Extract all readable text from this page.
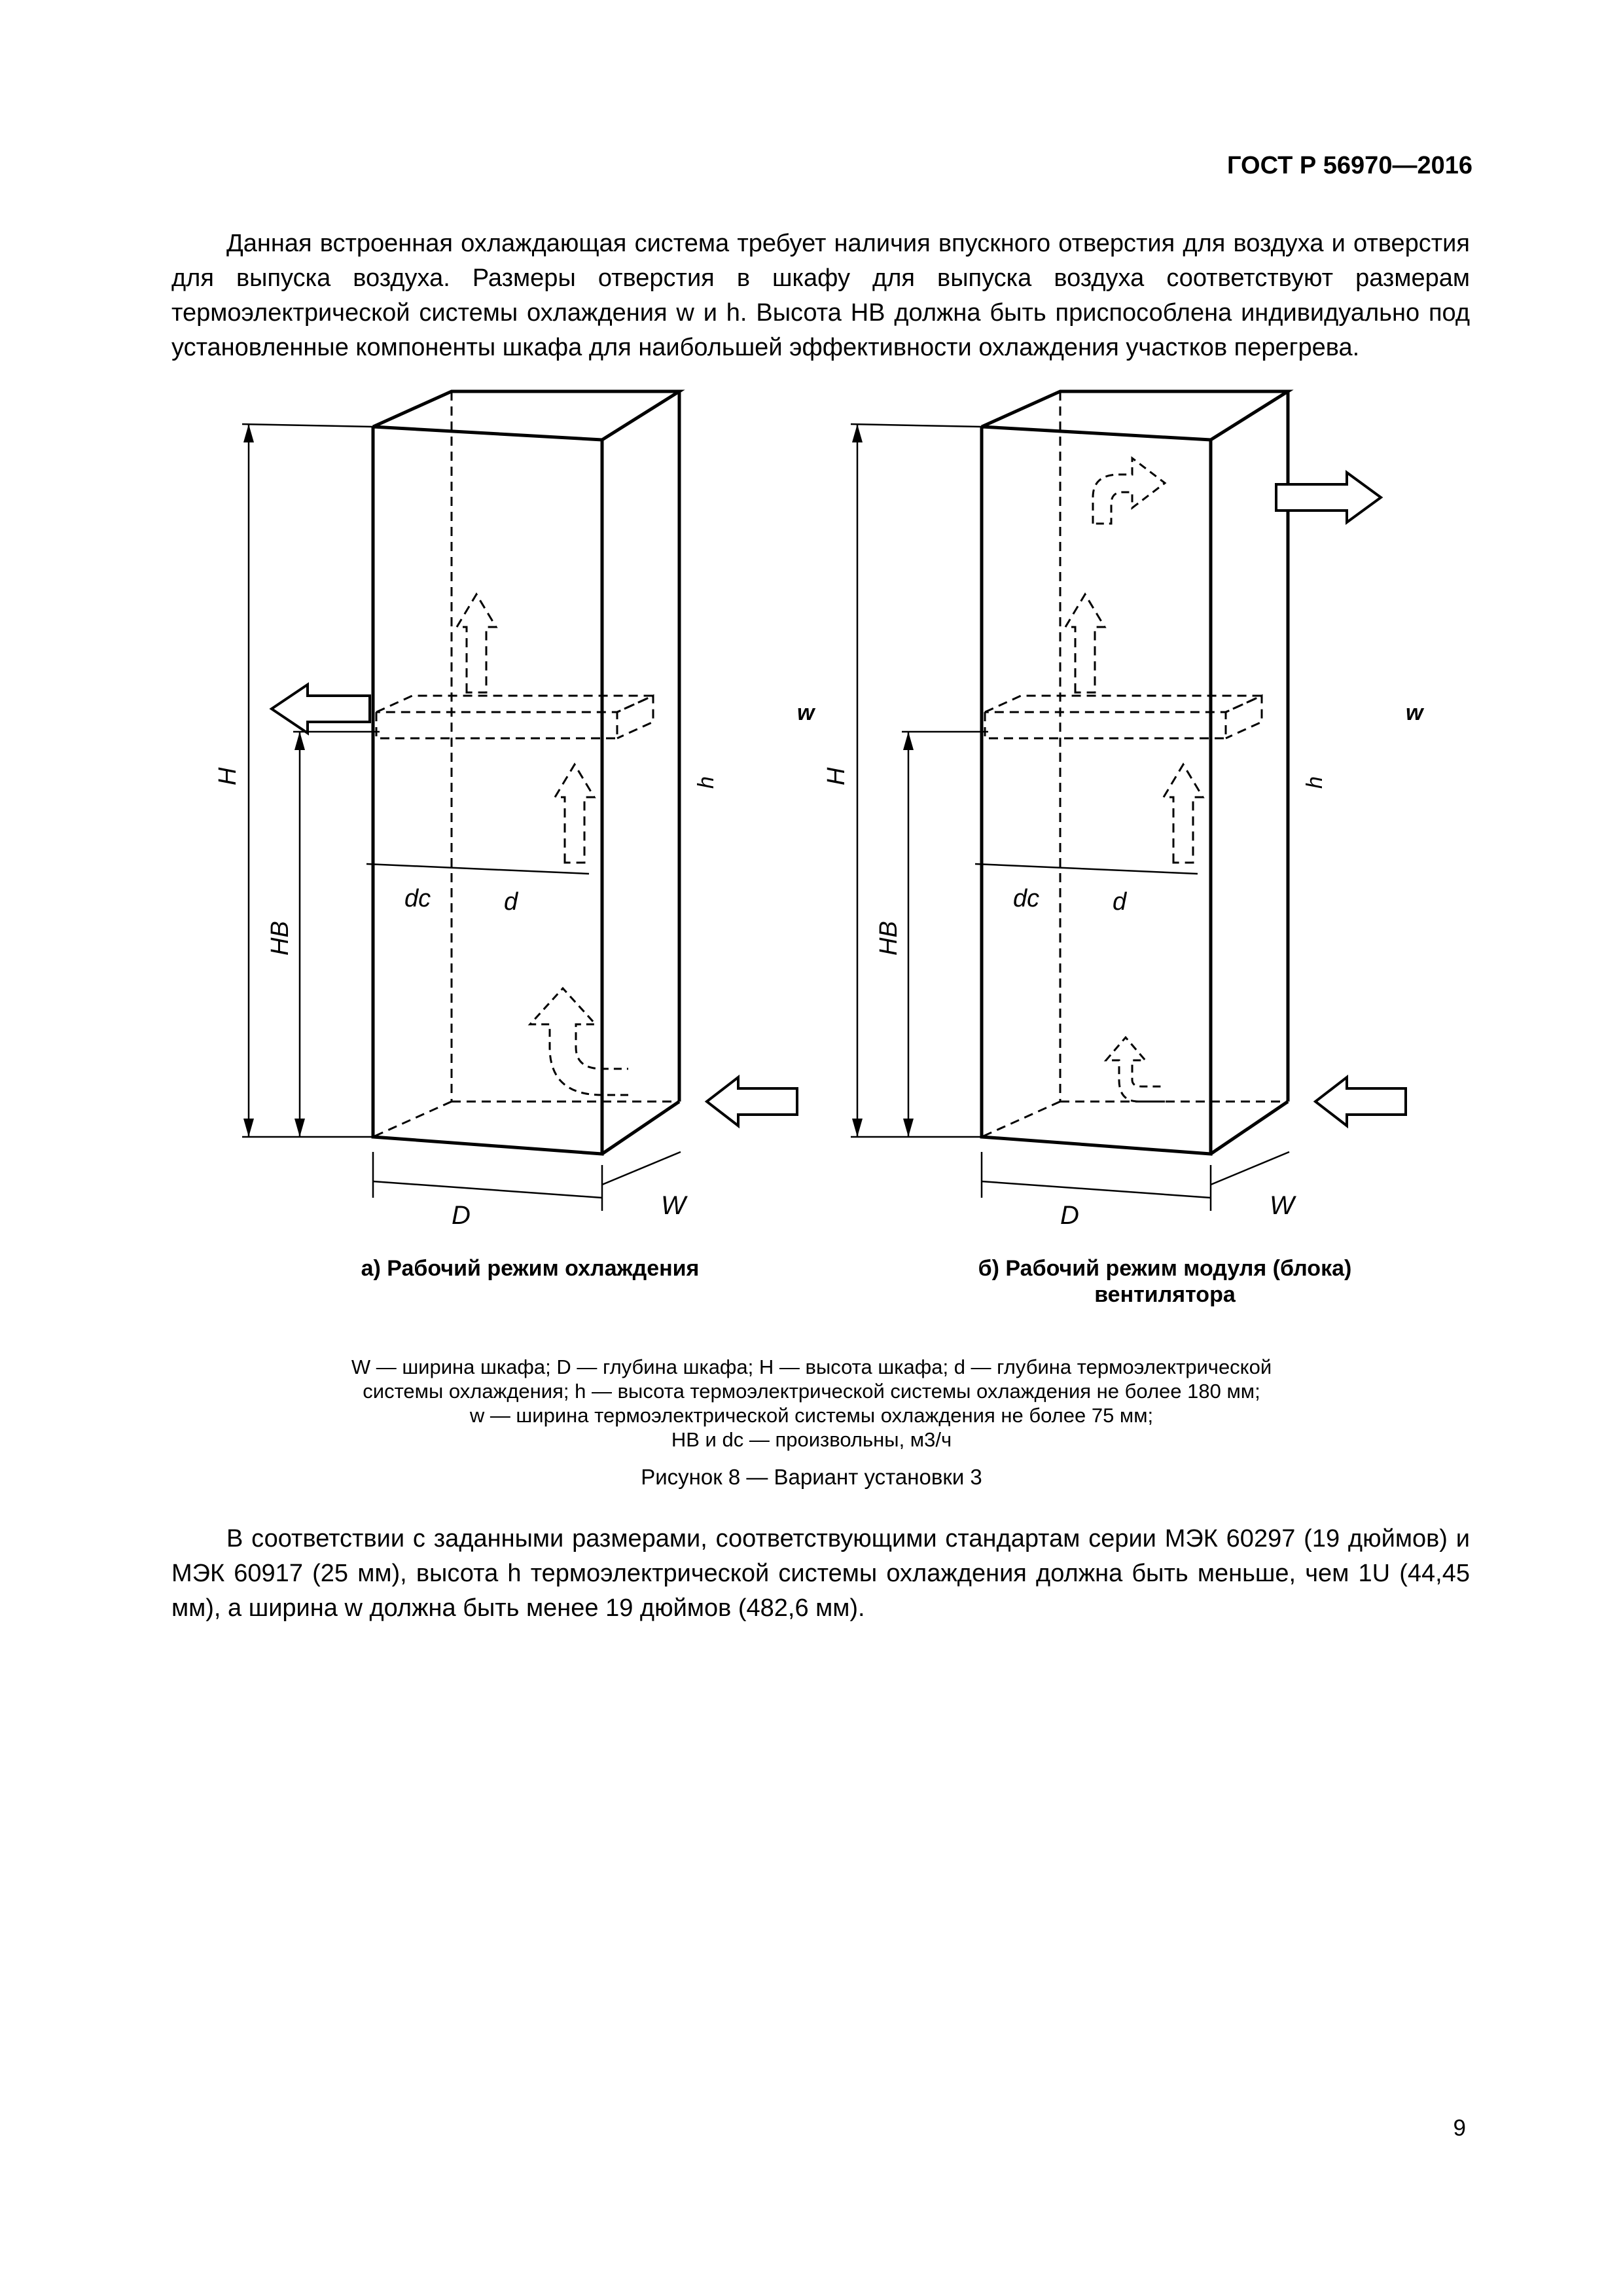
ГОСТ Р 56970—2016

Данная встроенная охлаждающая система требует наличия впускного отверстия для воздуха и отверстия для выпуска воздуха. Размеры отверстия в шкафу для выпуска воздуха соответствуют размерам термоэлектрической системы охлаждения w и h. Высота HB должна быть приспособлена индивидуально под установленные компоненты шкафа для наибольшей эффективности охлаждения участков перегрева.

H
HB
h
w
dc	d
D	W
H
HB
h
w
dc	d
D	W
а) Рабочий режим охлаждения	б) Рабочий режим модуля (блока) вентилятора
W — ширина шкафа; D — глубина шкафа; H — высота шкафа; d — глубина термоэлектрической
системы охлаждения; h — высота термоэлектрической системы охлаждения не более 180 мм;
w — ширина термоэлектрической системы охлаждения не более 75 мм;
HB и dc — произвольны, м3/ч
Рисунок 8 — Вариант установки 3

В соответствии с заданными размерами, соответствующими стандартам серии МЭК 60297 (19 дюймов) и МЭК 60917 (25 мм), высота h термоэлектрической системы охлаждения должна быть меньше, чем 1U (44,45 мм), а ширина w должна быть менее 19 дюймов (482,6 мм).

9
